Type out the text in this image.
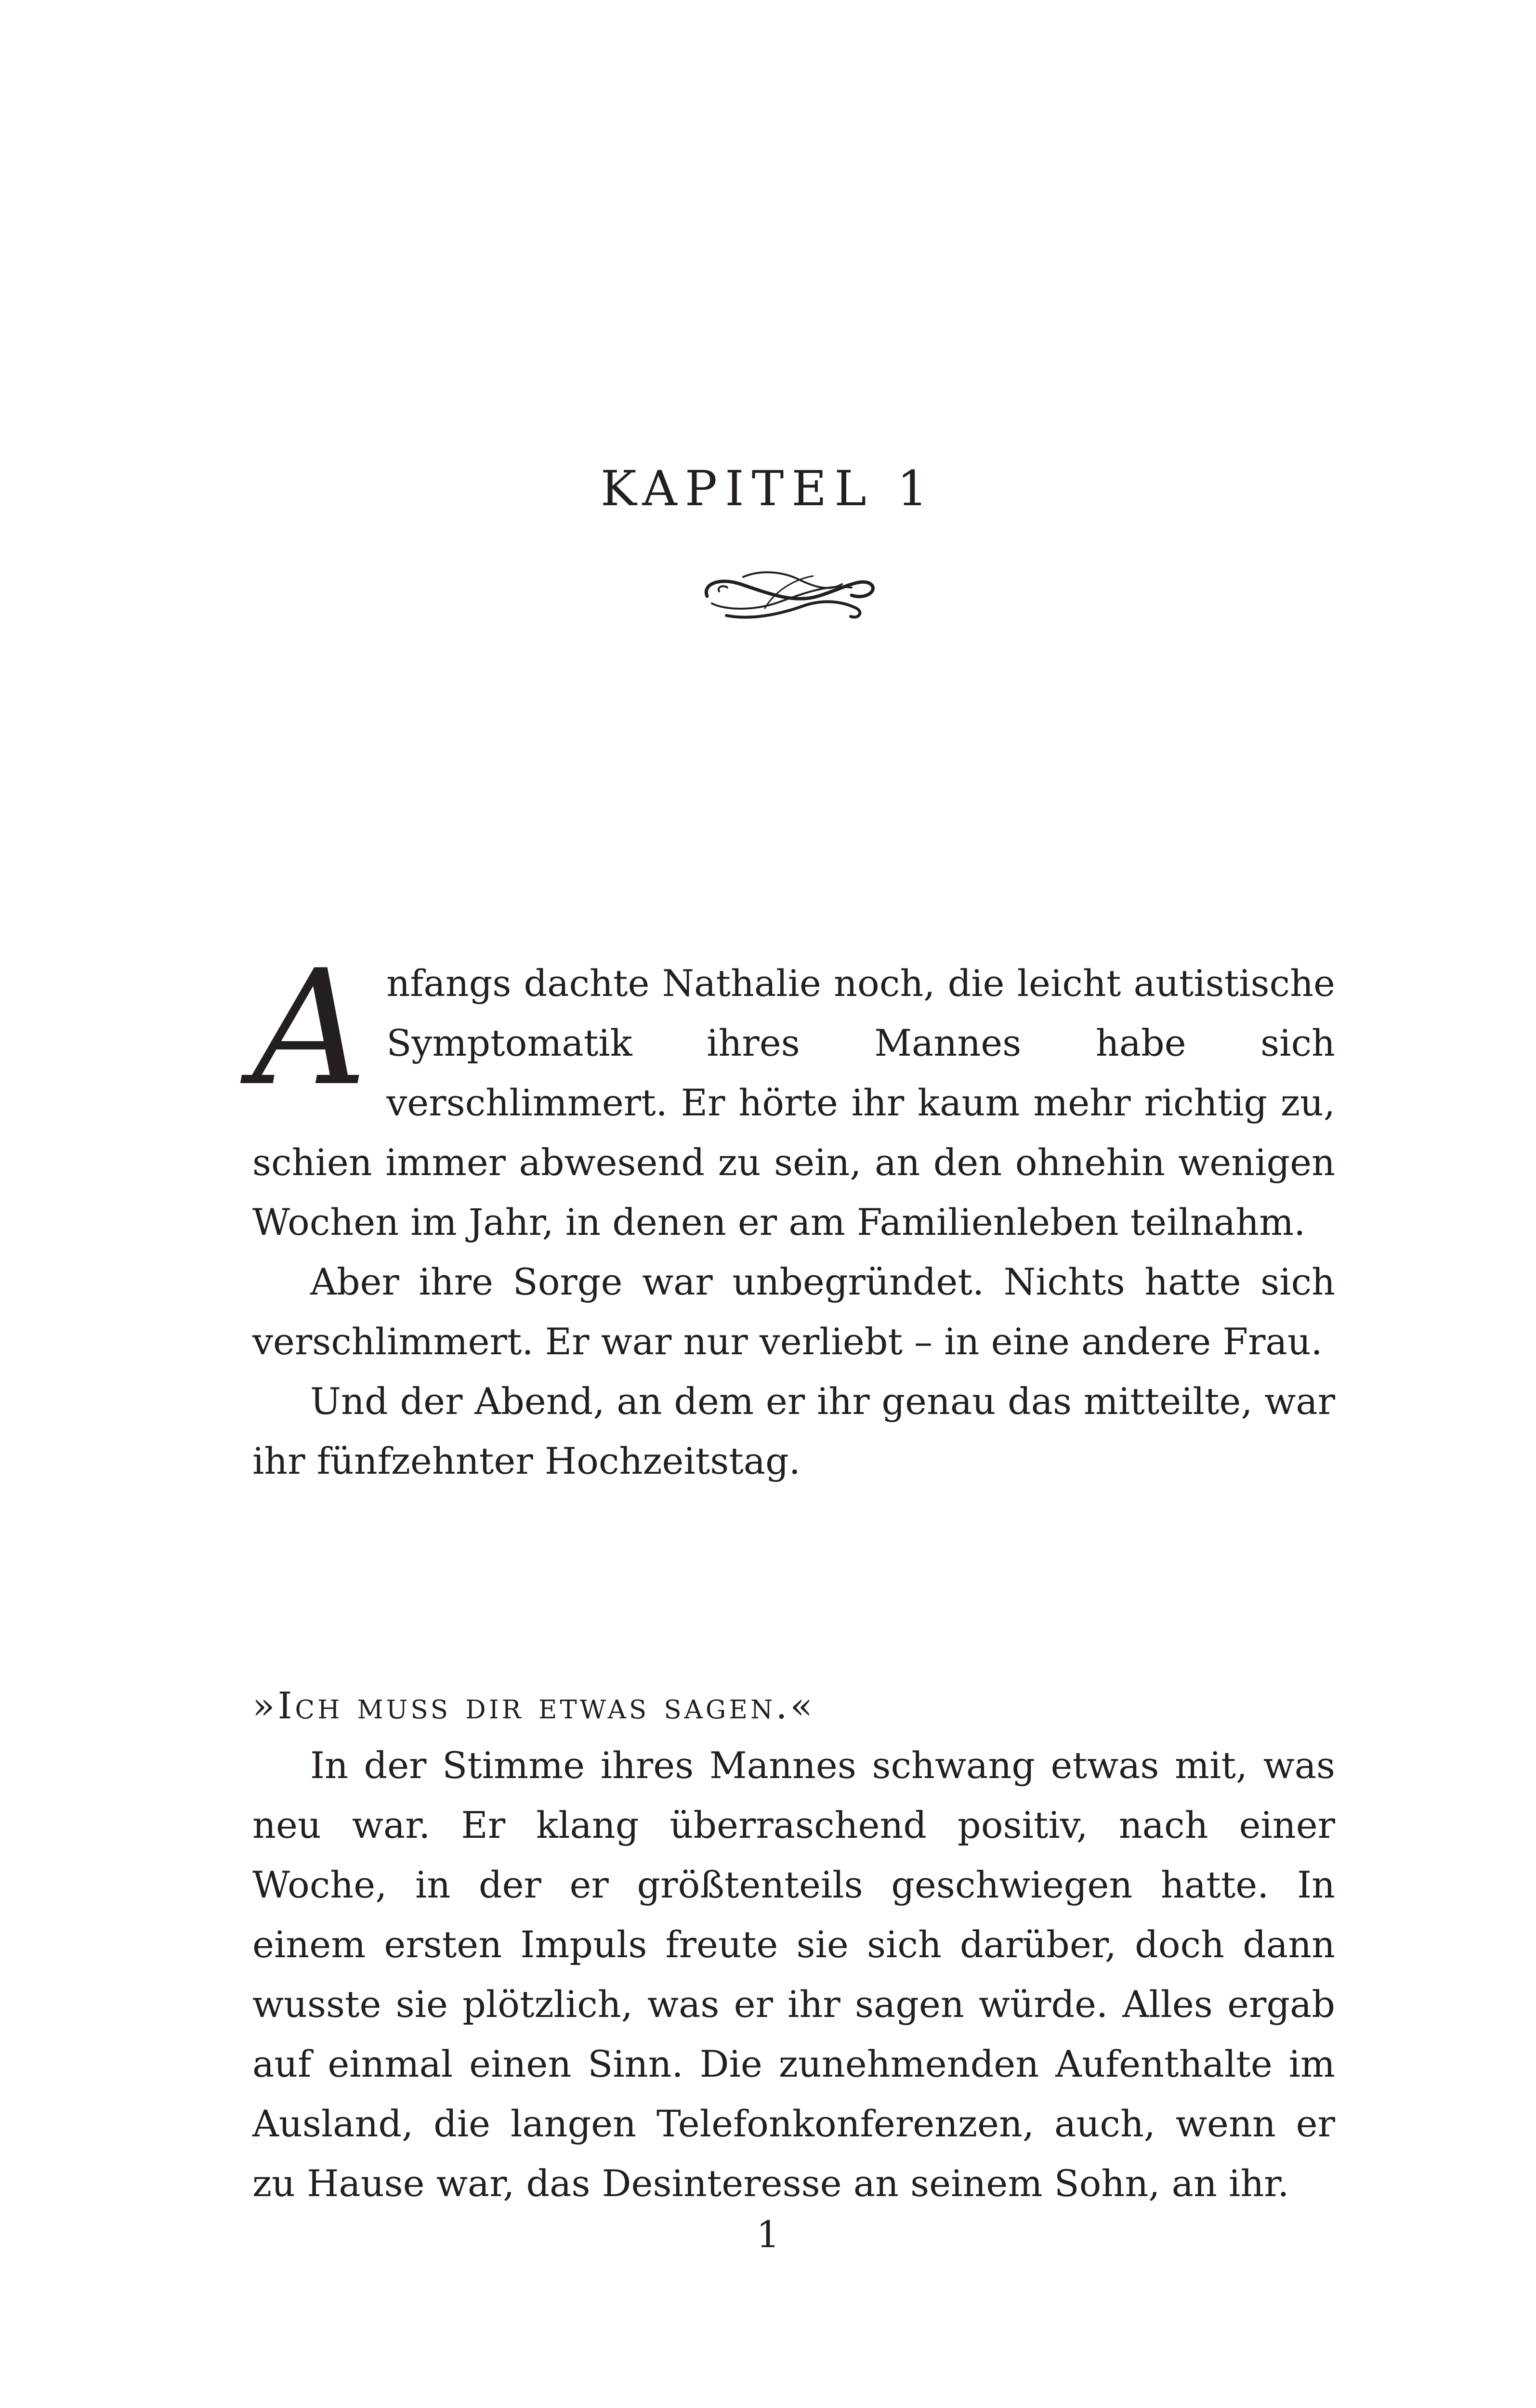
KAPITEL 1

Anfangs dachte Nathalie noch, die leicht autistische Symptomatik ihres Mannes habe sich verschlimmert. Er hörte ihr kaum mehr richtig zu, schien immer abwesend zu sein, an den ohnehin wenigen Wochen im Jahr, in denen er am Familienleben teilnahm.

Aber ihre Sorge war unbegründet. Nichts hatte sich verschlimmert. Er war nur verliebt – in eine andere Frau.

Und der Abend, an dem er ihr genau das mitteilte, war ihr fünfzehnter Hochzeitstag.

»Ich muss dir etwas sagen.«

In der Stimme ihres Mannes schwang etwas mit, was neu war. Er klang überraschend positiv, nach einer Woche, in der er größtenteils geschwiegen hatte. In einem ersten Impuls freute sie sich darüber, doch dann wusste sie plötzlich, was er ihr sagen würde. Alles ergab auf einmal einen Sinn. Die zunehmenden Aufenthalte im Ausland, die langen Telefonkonferenzen, auch, wenn er zu Hause war, das Desinteresse an seinem Sohn, an ihr.

1
